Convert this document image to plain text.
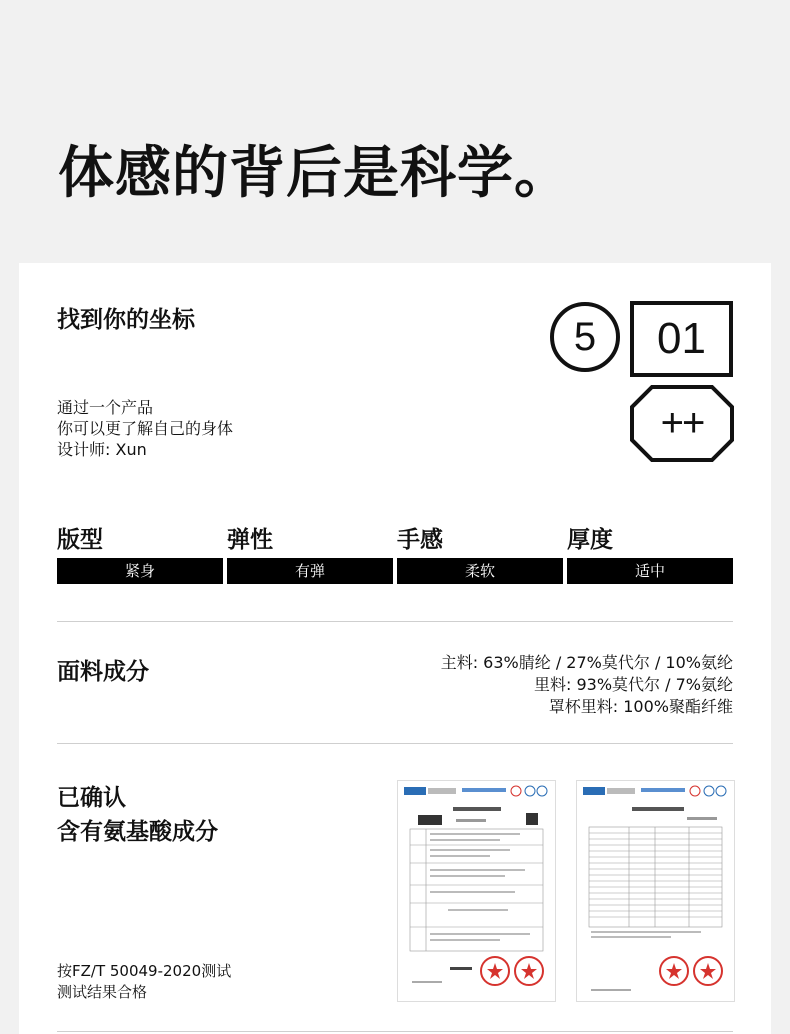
体感的背后是科学。
找到你的坐标
通过一个产品
你可以更了解自己的身体
设计师: Xun
5	01
++
版型
紧身
弹性
有弹
手感
柔软
厚度
适中
面料成分	主料: 63%腈纶 / 27%莫代尔 / 10%氨纶
里料: 93%莫代尔 / 7%氨纶
罩杯里料: 100%聚酯纤维
已确认
含有氨基酸成分
按FZ/T 50049-2020测试
测试结果合格
